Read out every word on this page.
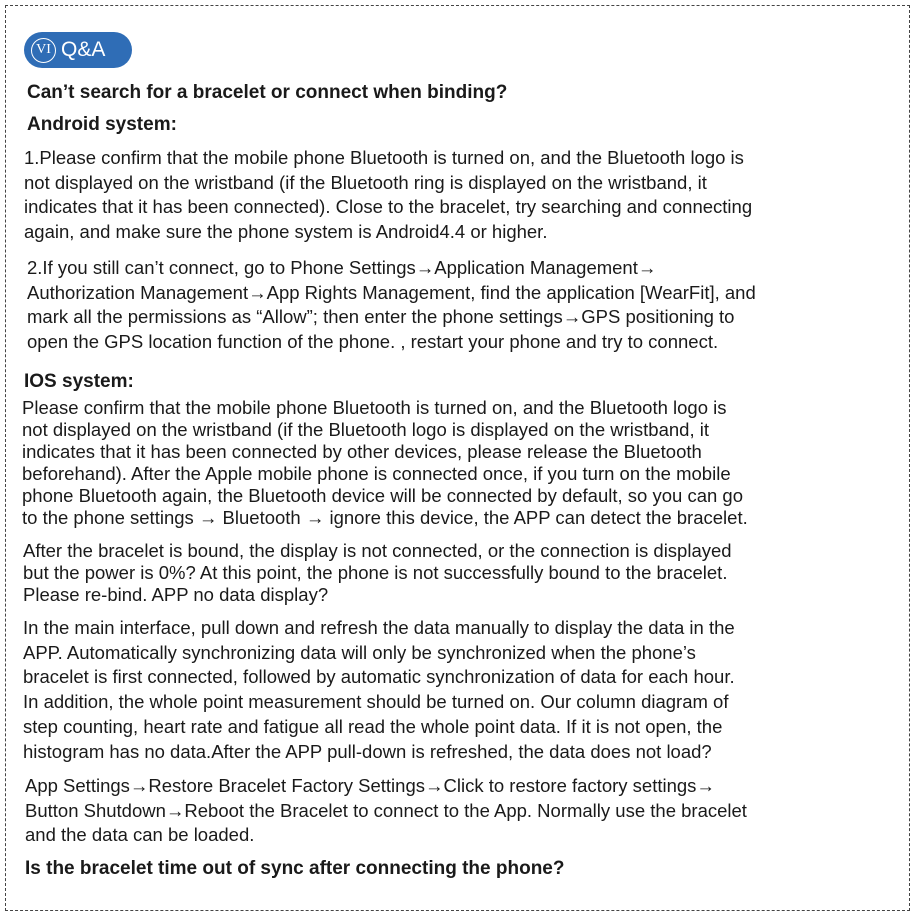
VI Q&A

Can’t search for a bracelet or connect when binding?

Android system:

1.Please confirm that the mobile phone Bluetooth is turned on, and the Bluetooth logo is
not displayed on the wristband (if the Bluetooth ring is displayed on the wristband, it
indicates that it has been connected). Close to the bracelet, try searching and connecting
again, and make sure the phone system is Android4.4 or higher.
2.If you still can’t connect, go to Phone Settings→Application Management→
Authorization Management→App Rights Management, find the application [WearFit], and
mark all the permissions as “Allow”; then enter the phone settings→GPS positioning to
open the GPS location function of the phone. , restart your phone and try to connect.

IOS system:

Please confirm that the mobile phone Bluetooth is turned on, and the Bluetooth logo is
not displayed on the wristband (if the Bluetooth logo is displayed on the wristband, it
indicates that it has been connected by other devices, please release the Bluetooth
beforehand). After the Apple mobile phone is connected once, if you turn on the mobile
phone Bluetooth again, the Bluetooth device will be connected by default, so you can go
to the phone settings → Bluetooth → ignore this device, the APP can detect the bracelet.
After the bracelet is bound, the display is not connected, or the connection is displayed
but the power is 0%? At this point, the phone is not successfully bound to the bracelet.
Please re-bind. APP no data display?
In the main interface, pull down and refresh the data manually to display the data in the
APP. Automatically synchronizing data will only be synchronized when the phone’s
bracelet is first connected, followed by automatic synchronization of data for each hour.
In addition, the whole point measurement should be turned on. Our column diagram of
step counting, heart rate and fatigue all read the whole point data. If it is not open, the
histogram has no data.After the APP pull-down is refreshed, the data does not load?
App Settings→Restore Bracelet Factory Settings→Click to restore factory settings→
Button Shutdown→Reboot the Bracelet to connect to the App. Normally use the bracelet
and the data can be loaded.

Is the bracelet time out of sync after connecting the phone?
